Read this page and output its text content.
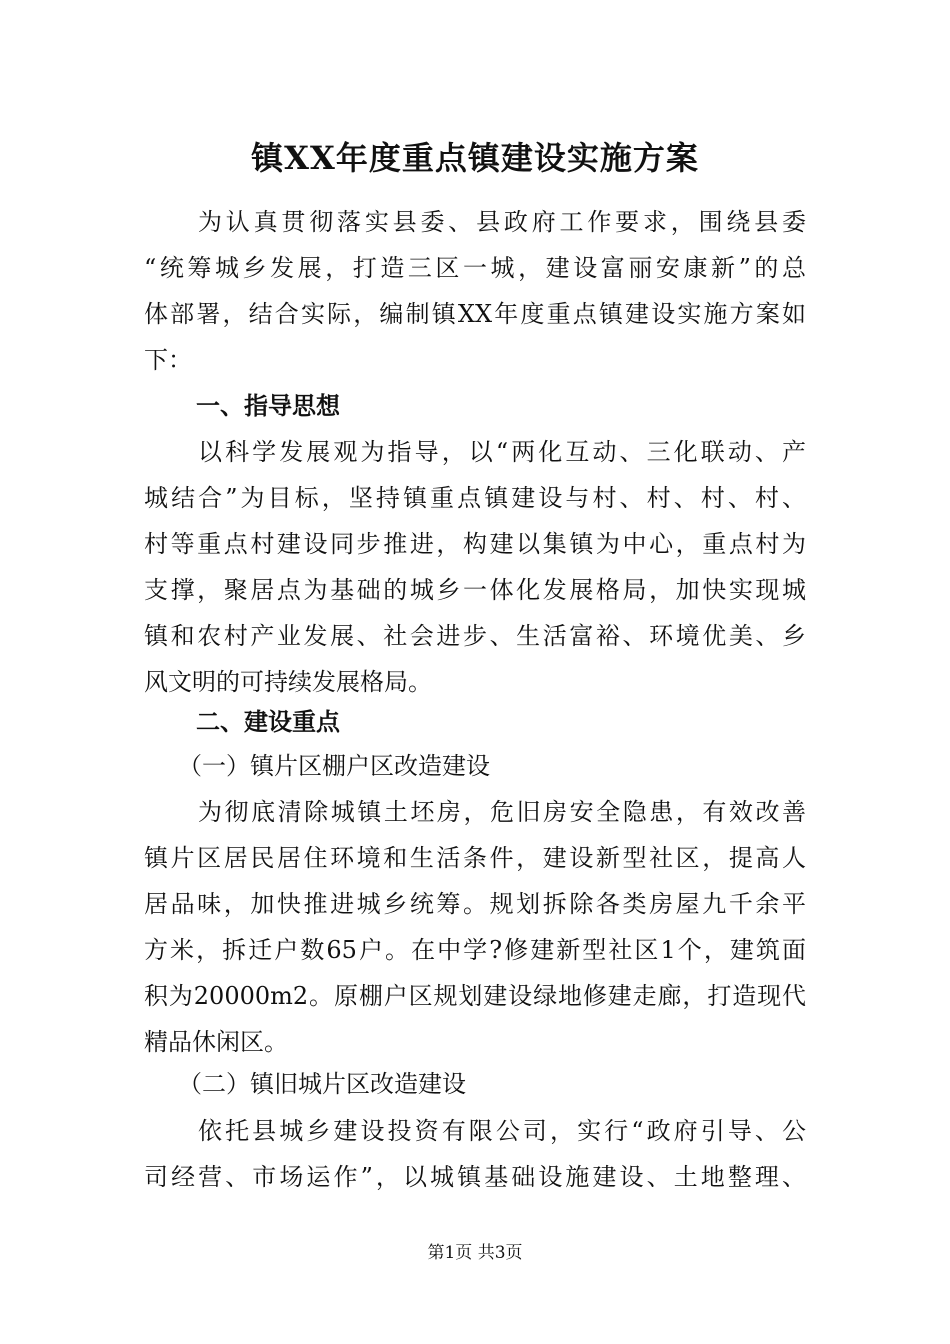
镇XX年度重点镇建设实施方案
为认真贯彻落实县委、县政府工作要求，围绕县委
“统筹城乡发展，打造三区一城，建设富丽安康新”的总
体部署，结合实际，编制镇XX年度重点镇建设实施方案如
下：
一、指导思想
以科学发展观为指导，以“两化互动、三化联动、产
城结合”为目标，坚持镇重点镇建设与村、村、村、村、
村等重点村建设同步推进，构建以集镇为中心，重点村为
支撑，聚居点为基础的城乡一体化发展格局，加快实现城
镇和农村产业发展、社会进步、生活富裕、环境优美、乡
风文明的可持续发展格局。
二、建设重点
（一）镇片区棚户区改造建设
为彻底清除城镇土坯房，危旧房安全隐患，有效改善
镇片区居民居住环境和生活条件，建设新型社区，提高人
居品味，加快推进城乡统筹。规划拆除各类房屋九千余平
方米，拆迁户数65户。在中学?修建新型社区1个，建筑面
积为20000m2。原棚户区规划建设绿地修建走廊，打造现代
精品休闲区。
（二）镇旧城片区改造建设
依托县城乡建设投资有限公司，实行“政府引导、公
司经营、市场运作”，以城镇基础设施建设、土地整理、
第1页 共3页
